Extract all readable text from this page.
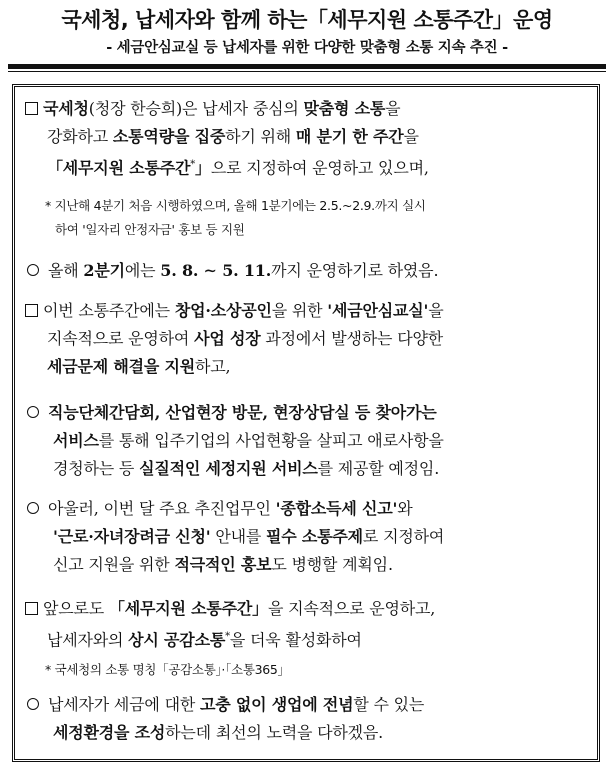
국세청, 납세자와 함께 하는「세무지원 소통주간」운영
- 세금안심교실 등 납세자를 위한 다양한 맞춤형 소통 지속 추진 -
국세청(청장 한승희)은 납세자 중심의 맞춤형 소통을
강화하고 소통역량을 집중하기 위해 매 분기 한 주간을
「세무지원 소통주간*」으로 지정하여 운영하고 있으며,
* 지난해 4분기 처음 시행하였으며, 올해 1분기에는 2.5.~2.9.까지 실시
하여 '일자리 안정자금' 홍보 등 지원
올해 2분기에는 5. 8. ∼ 5. 11.까지 운영하기로 하였음.
이번 소통주간에는 창업·소상공인을 위한 '세금안심교실'을
지속적으로 운영하여 사업 성장 과정에서 발생하는 다양한
세금문제 해결을 지원하고,
직능단체간담회, 산업현장 방문, 현장상담실 등 찾아가는
서비스를 통해 입주기업의 사업현황을 살피고 애로사항을
경청하는 등 실질적인 세정지원 서비스를 제공할 예정임.
아울러, 이번 달 주요 추진업무인 '종합소득세 신고'와
'근로·자녀장려금 신청' 안내를 필수 소통주제로 지정하여
신고 지원을 위한 적극적인 홍보도 병행할 계획임.
앞으로도 「세무지원 소통주간」을 지속적으로 운영하고,
납세자와의 상시 공감소통*을 더욱 활성화하여
* 국세청의 소통 명칭「공감소통」·「소통365」
납세자가 세금에 대한 고충 없이 생업에 전념할 수 있는
세정환경을 조성하는데 최선의 노력을 다하겠음.
